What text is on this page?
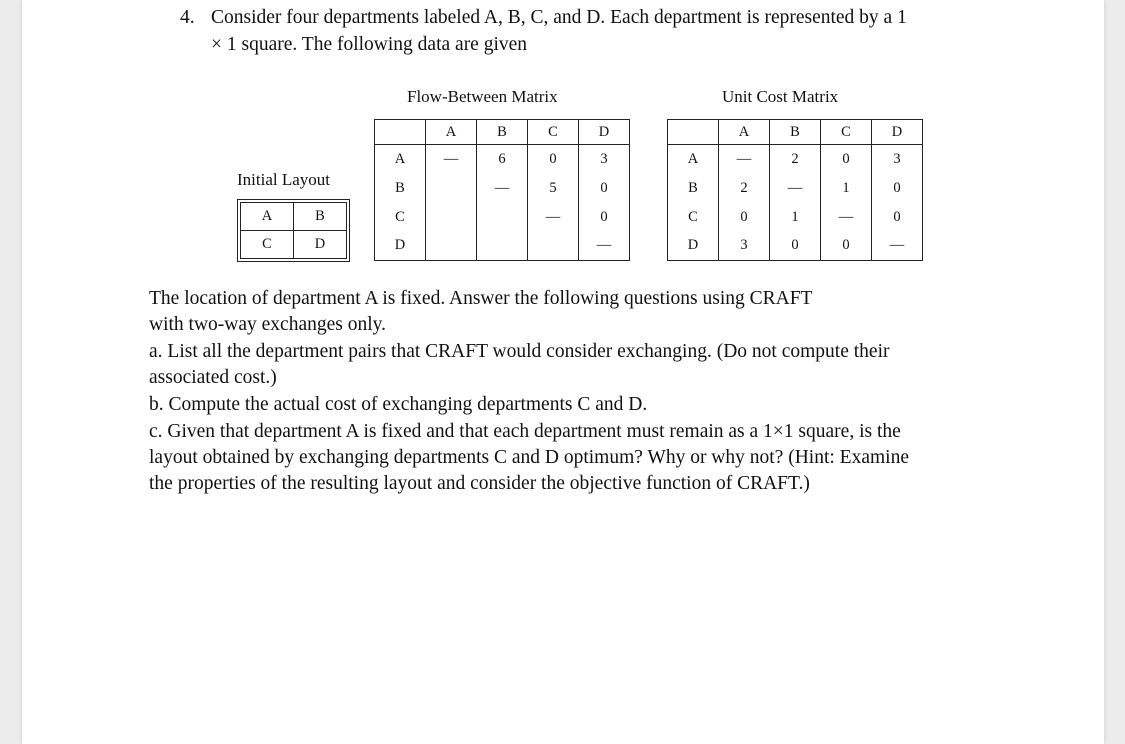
4. Consider four departments labeled A, B, C, and D. Each department is represented by a 1
× 1 square. The following data are given
Flow-Between Matrix	Unit Cost Matrix
Initial Layout
A	B
C	D
	A	B	C	D
A	—	6	0	3
B		—	5	0
C			—	0
D				—
	A	B	C	D
A	—	2	0	3
B	2	—	1	0
C	0	1	—	0
D	3	0	0	—
The location of department A is fixed. Answer the following questions using CRAFT
with two-way exchanges only.
a. List all the department pairs that CRAFT would consider exchanging. (Do not compute their
associated cost.)
b. Compute the actual cost of exchanging departments C and D.
c. Given that department A is fixed and that each department must remain as a 1×1 square, is the
layout obtained by exchanging departments C and D optimum? Why or why not? (Hint: Examine
the properties of the resulting layout and consider the objective function of CRAFT.)
